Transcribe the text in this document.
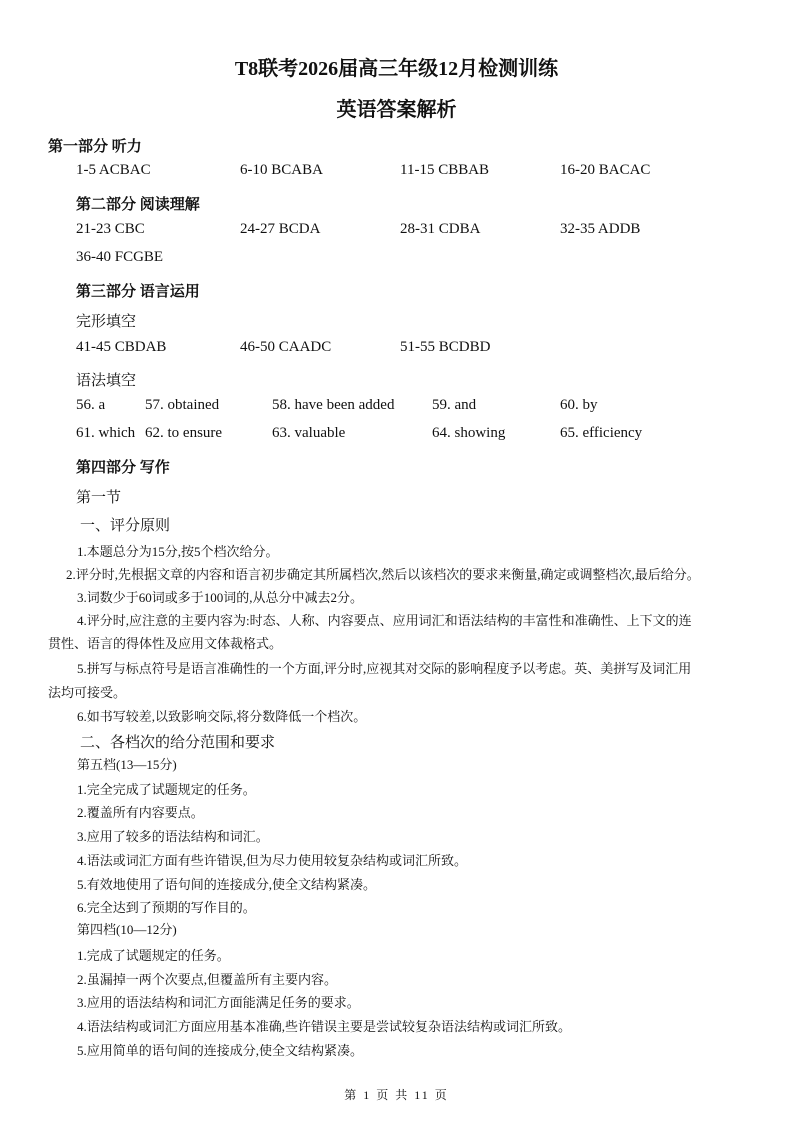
T8联考2026届高三年级12月检测训练
英语答案解析
第一部分 听力
1-5 ACBAC	6-10 BCABA	11-15 CBBAB	16-20 BACAC
第二部分 阅读理解
21-23 CBC	24-27 BCDA	28-31 CDBA	32-35 ADDB
36-40 FCGBE
第三部分 语言运用
完形填空
41-45 CBDAB	46-50 CAADC	51-55 BCDBD
语法填空
56. a	57. obtained	58. have been added	59. and	60. by
61. which 62. to ensure	63. valuable	64. showing	65. efficiency
第四部分 写作
第一节
一、评分原则
1.本题总分为15分,按5个档次给分。
2.评分时,先根据文章的内容和语言初步确定其所属档次,然后以该档次的要求来衡量,确定或调整档次,最后给分。
3.词数少于60词或多于100词的,从总分中减去2分。
4.评分时,应注意的主要内容为:时态、人称、内容要点、应用词汇和语法结构的丰富性和准确性、上下文的连
贯性、语言的得体性及应用文体裁格式。
5.拼写与标点符号是语言准确性的一个方面,评分时,应视其对交际的影响程度予以考虑。英、美拼写及词汇用
法均可接受。
6.如书写较差,以致影响交际,将分数降低一个档次。
二、各档次的给分范围和要求
第五档(13—15分)
1.完全完成了试题规定的任务。
2.覆盖所有内容要点。
3.应用了较多的语法结构和词汇。
4.语法或词汇方面有些许错误,但为尽力使用较复杂结构或词汇所致。
5.有效地使用了语句间的连接成分,使全文结构紧凑。
6.完全达到了预期的写作目的。
第四档(10—12分)
1.完成了试题规定的任务。
2.虽漏掉一两个次要点,但覆盖所有主要内容。
3.应用的语法结构和词汇方面能满足任务的要求。
4.语法结构或词汇方面应用基本准确,些许错误主要是尝试较复杂语法结构或词汇所致。
5.应用简单的语句间的连接成分,使全文结构紧凑。
第 1 页 共 11 页
